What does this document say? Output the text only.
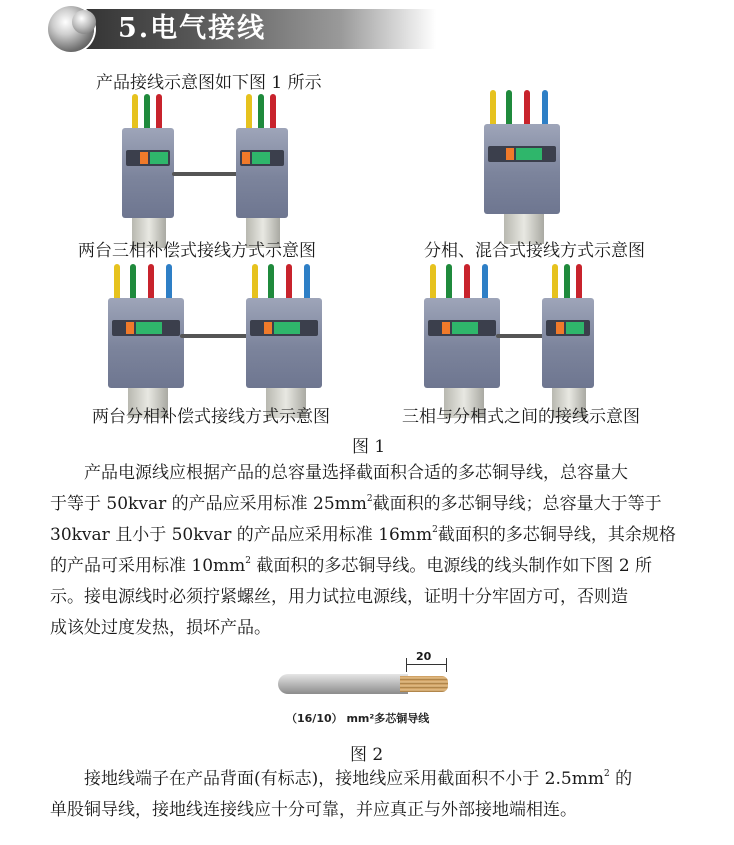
5.电气接线
产品接线示意图如下图 1 所示
两台三相补偿式接线方式示意图	分相、混合式接线方式示意图
两台分相补偿式接线方式示意图	三相与分相式之间的接线示意图
图 1
产品电源线应根据产品的总容量选择截面积合适的多芯铜导线，总容量大
于等于 50kvar 的产品应采用标准 $25mm^2$截面积的多芯铜导线；总容量大于等于
30kvar 且小于 50kvar 的产品应采用标准 $16mm^2$截面积的多芯铜导线，其余规格
的产品可采用标准 $10mm^2$ 截面积的多芯铜导线。电源线的线头制作如下图 2 所
示。接电源线时必须拧紧螺丝，用力试拉电源线，证明十分牢固方可，否则造
成该处过度发热，损坏产品。
20
（16/10） mm²多芯铜导线
图 2
接地线端子在产品背面(有标志)，接地线应采用截面积不小于 $2.5mm^2$ 的
单股铜导线，接地线连接线应十分可靠，并应真正与外部接地端相连。
